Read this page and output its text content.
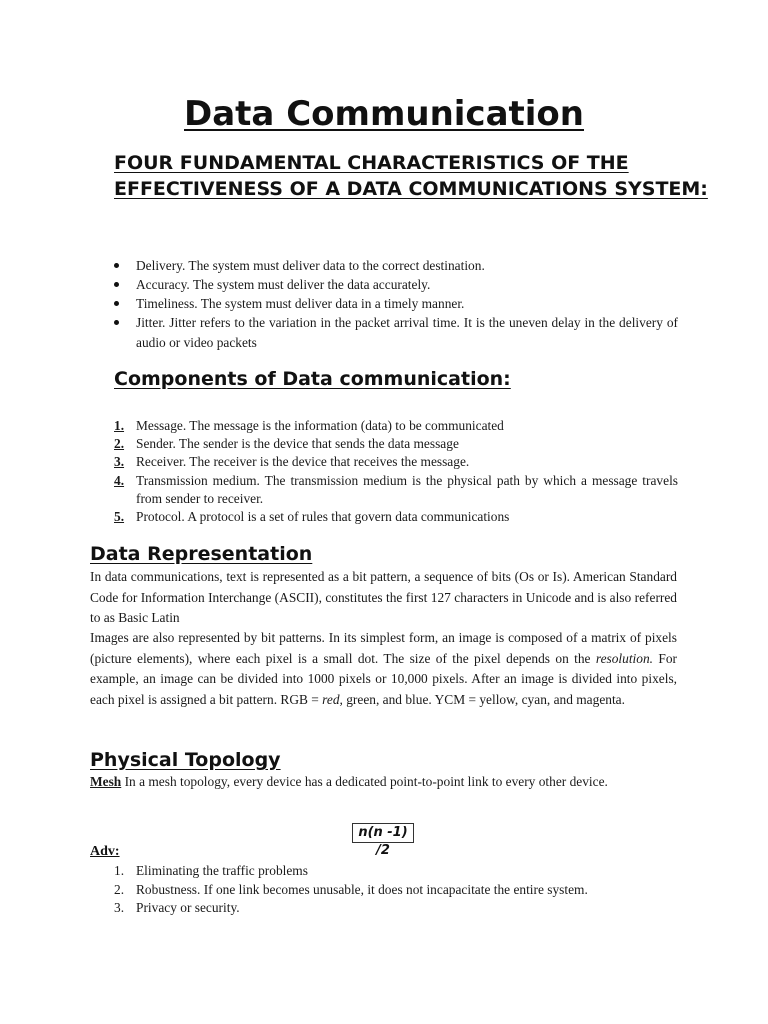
Data Communication
FOUR FUNDAMENTAL CHARACTERISTICS OF THE EFFECTIVENESS OF A DATA COMMUNICATIONS SYSTEM:
Delivery. The system must deliver data to the correct destination.
Accuracy. The system must deliver the data accurately.
Timeliness. The system must deliver data in a timely manner.
Jitter. Jitter refers to the variation in the packet arrival time. It is the uneven delay in the delivery of audio or video packets
Components of Data communication:
1. Message. The message is the information (data) to be communicated
2. Sender. The sender is the device that sends the data message
3. Receiver. The receiver is the device that receives the message.
4. Transmission medium. The transmission medium is the physical path by which a message travels from sender to receiver.
5. Protocol. A protocol is a set of rules that govern data communications
Data Representation

In data communications, text is represented as a bit pattern, a sequence of bits (Os or Is). American Standard Code for Information Interchange (ASCII), constitutes the first 127 characters in Unicode and is also referred to as Basic Latin

Images are also represented by bit patterns. In its simplest form, an image is composed of a matrix of pixels (picture elements), where each pixel is a small dot. The size of the pixel depends on the resolution. For example, an image can be divided into 1000 pixels or 10,000 pixels. After an image is divided into pixels, each pixel is assigned a bit pattern. RGB = red, green, and blue. YCM = yellow, cyan, and magenta.

Physical Topology

Mesh In a mesh topology, every device has a dedicated point-to-point link to every other device.

n(n -1) /2

Adv:

1. Eliminating the traffic problems
2. Robustness. If one link becomes unusable, it does not incapacitate the entire system.
3. Privacy or security.
